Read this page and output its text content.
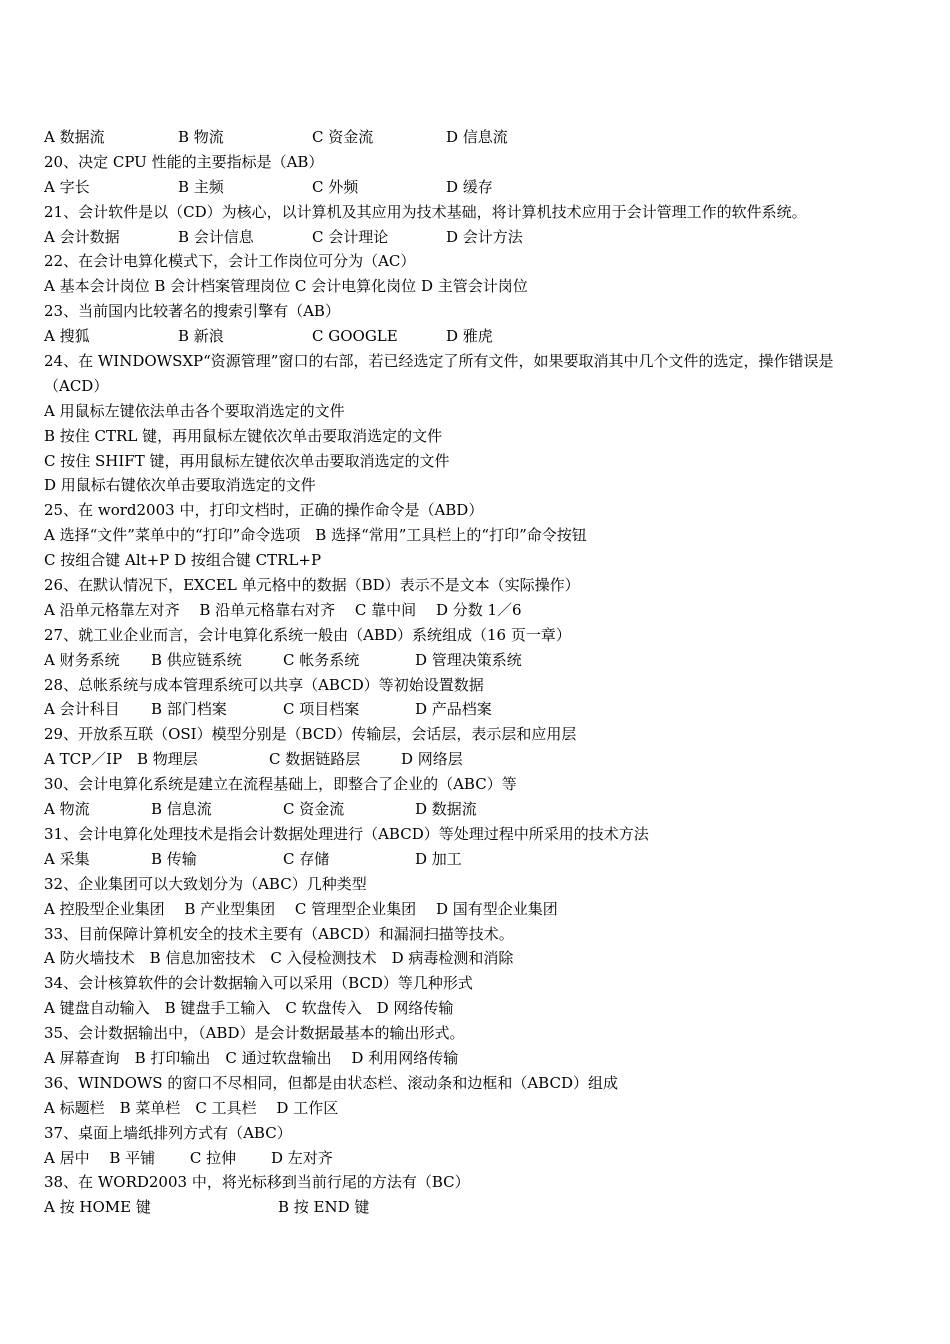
A 数据流	B 物流	C 资金流	D 信息流
20、决定 CPU 性能的主要指标是（AB）
A 字长	B 主频	C 外频	D 缓存
21、会计软件是以（CD）为核心，以计算机及其应用为技术基础，将计算机技术应用于会计管理工作的软件系统。
A 会计数据	B 会计信息	C 会计理论	D 会计方法
22、在会计电算化模式下，会计工作岗位可分为（AC）
A 基本会计岗位 B 会计档案管理岗位 C 会计电算化岗位 D 主管会计岗位
23、当前国内比较著名的搜索引擎有（AB）
A 搜狐	B 新浪	C GOOGLE	D 雅虎
24、在 WINDOWSXP“资源管理”窗口的右部，若已经选定了所有文件，如果要取消其中几个文件的选定，操作错误是
（ACD）
A 用鼠标左键依法单击各个要取消选定的文件
B 按住 CTRL 键，再用鼠标左键依次单击要取消选定的文件
C 按住 SHIFT 键，再用鼠标左键依次单击要取消选定的文件
D 用鼠标右键依次单击要取消选定的文件
25、在 word2003 中，打印文档时，正确的操作命令是（ABD）
A 选择“文件”菜单中的“打印”命令选项　B 选择“常用”工具栏上的“打印”命令按钮
C 按组合键 Alt+P D 按组合键 CTRL+P
26、在默认情况下，EXCEL 单元格中的数据（BD）表示不是文本（实际操作）
A 沿单元格靠左对齐　 B 沿单元格靠右对齐　 C 靠中间　 D 分数 1／6
27、就工业企业而言，会计电算化系统一般由（ABD）系统组成（16 页一章）
A 财务系统 B 供应链系统	C 帐务系统	D 管理决策系统
28、总帐系统与成本管理系统可以共享（ABCD）等初始设置数据
A 会计科目 B 部门档案	C 项目档案	D 产品档案
29、开放系互联（OSI）模型分别是（BCD）传输层，会话层，表示层和应用层
A TCP／IP B 物理层	C 数据链路层	D 网络层
30、会计电算化系统是建立在流程基础上，即整合了企业的（ABC）等
A 物流	B 信息流	C 资金流	D 数据流
31、会计电算化处理技术是指会计数据处理进行（ABCD）等处理过程中所采用的技术方法
A 采集	B 传输	C 存储	D 加工
32、企业集团可以大致划分为（ABC）几种类型
A 控股型企业集团　 B 产业型集团　 C 管理型企业集团　 D 国有型企业集团
33、目前保障计算机安全的技术主要有（ABCD）和漏洞扫描等技术。
A 防火墙技术　B 信息加密技术　C 入侵检测技术　D 病毒检测和消除
34、会计核算软件的会计数据输入可以采用（BCD）等几种形式
A 键盘自动输入　B 键盘手工输入　C 软盘传入　D 网络传输
35、会计数据输出中，（ABD）是会计数据最基本的输出形式。
A 屏幕查询　B 打印输出　C 通过软盘输出　 D 利用网络传输
36、WINDOWS 的窗口不尽相同，但都是由状态栏、滚动条和边框和（ABCD）组成
A 标题栏　B 菜单栏　C 工具栏　 D 工作区
37、桌面上墙纸排列方式有（ABC）
A 居中　 B 平铺　　 C 拉伸　　 D 左对齐
38、在 WORD2003 中，将光标移到当前行尾的方法有（BC）
A 按 HOME 键	B 按 END 键
